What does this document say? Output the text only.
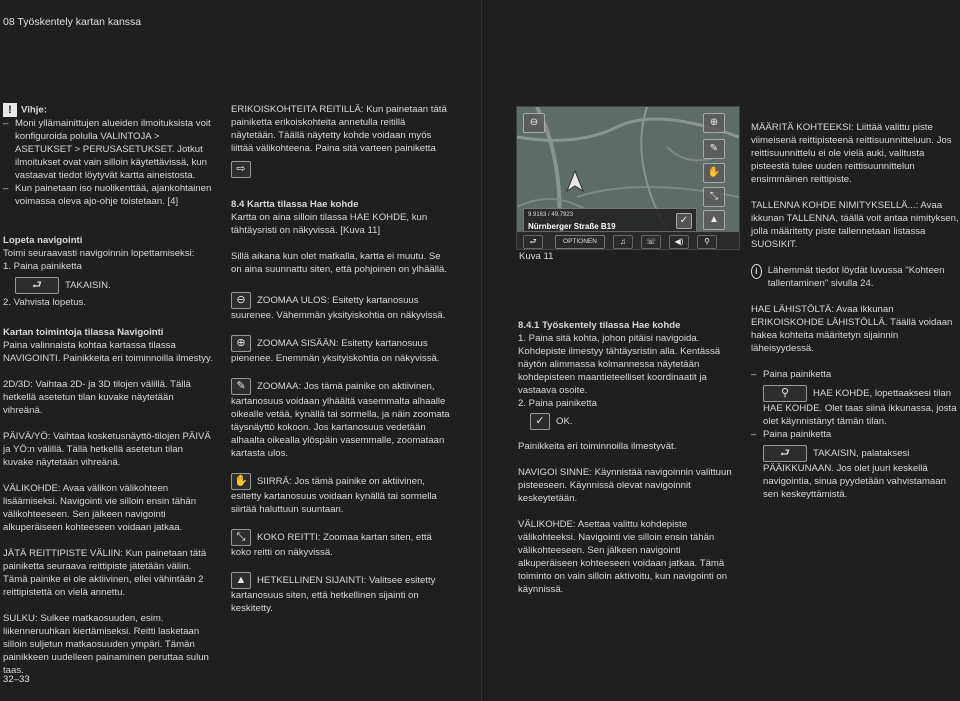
08 Työskentely kartan kanssa
32–33

! Vihje:

– Moni yllämainittujen alueiden ilmoituksista voit konfiguroida polulla VALINTOJA > ASETUKSET > PERUSASETUKSET. Jotkut ilmoitukset ovat vain silloin käytettävissä, kun vastaavat tiedot löytyvät kartta aineistosta.

– Kun painetaan iso nuolikenttää, ajankohtainen voimassa oleva ajo-ohje toistetaan. [4]

Lopeta navigointi
Toimi seuraavasti navigoinnin lopettamiseksi:
1. Paina painiketta
⮐ TAKAISIN.

2. Vahvista lopetus.

Kartan toimintoja tilassa Navigointi

Paina valinnaista kohtaa kartassa tilassa NAVIGOINTI. Painikkeita eri toiminnoilla ilmestyy.

2D/3D: Vaihtaa 2D- ja 3D tilojen välillä. Tällä hetkellä asetetun tilan kuvake näytetään vihreänä.

PÄIVÄ/YÖ: Vaihtaa kosketusnäyttö-tilojen PÄIVÄ ja YÖ:n välillä. Tällä hetkellä asetetun tilan kuvake näytetään vihreänä.

VÄLIKOHDE: Avaa välikon välikohteen lisäämiseksi. Navigointi vie silloin ensin tähän välikohteeseen. Sen jälkeen navigointi alkuperäiseen kohteeseen voidaan jatkaa.

JÄTÄ REITTIPISTE VÄLIIN: Kun painetaan tätä painiketta seuraava reittipiste jätetään väliin. Tämä painike ei ole aktiivinen, ellei vähintään 2 reittipistettä on vielä annettu.

SULKU: Sulkee matkaosuuden, esim. liikenneruuhkan kiertämiseksi. Reitti lasketaan silloin suljetun matkaosuuden ympäri. Tämän painikkeen uudelleen painaminen peruttaa sulun taas.

ERIKOISKOHTEITA REITILLÄ: Kun painetaan tätä painiketta erikoiskohteita annetulla reitillä näytetään. Täällä näytetty kohde voidaan myös liittää välikohteena. Paina sitä varteen painiketta

⇨
8.4 Kartta tilassa Hae kohde

Kartta on aina silloin tilassa HAE KOHDE, kun tähtäysristi on näkyvissä. [Kuva 11]

Sillä aikana kun olet matkalla, kartta ei muutu. Se on aina suunnattu siten, että pohjoinen on ylhäällä.

⊖ ZOOMAA ULOS: Esitetty kartanosuus suurenee. Vähemmän yksityiskohtia on näkyvissä.

⊕ ZOOMAA SISÄÄN: Esitetty kartanosuus pienenee. Enemmän yksityiskohtia on näkyvissä.

✎ ZOOMAA: Jos tämä painike on aktiivinen, kartanosuus voidaan ylhäältä vasemmalta alhaalle oikealle vetää, kynällä tai sormella, ja näin zoomata täysnäyttö kokoon. Jos kartanosuus vedetään alhaalta oikealla ylöspäin vasemmalle, zoomataan kartasta ulos.

✋ SIIRRÄ: Jos tämä painike on aktiivinen, esitetty kartanosuus voidaan kynällä tai sormella siirtää haluttuun suuntaan.

⤡ KOKO REITTI: Zoomaa kartan siten, että koko reitti on näkyvissä.

▲ HETKELLINEN SIJAINTI: Valitsee esitetty kartanosuus siten, että hetkellinen sijainti on keskitetty.

⊖	⊕
✎
✋
⤡
▲
9.9163 / 49.7923
Nürnberger Straße B19
✓
⮐	OPTIONEN	♫	☏	◀)	⚲
Kuva 11
8.4.1 Työskentely tilassa Hae kohde
1. Paina sitä kohta, johon pitäisi navigoida. Kohdepiste ilmestyy tähtäysristin alla. Kentässä näytön alimmassa kolmannessa näytetään kohdepisteen maantieteelliset koordinaatit ja vastaava osoite.
2. Paina painiketta

✓ OK.

Painikkeita eri toiminnoilla ilmestyvät.

NAVIGOI SINNE: Käynnistää navigoinnin valittuun pisteeseen. Käynnissä olevat navigoinnit keskeytetään.

VÄLIKOHDE: Asettaa valittu kohdepiste välikohteeksi. Navigointi vie silloin ensin tähän välikohteeseen. Sen jälkeen navigointi alkuperäiseen kohteeseen voidaan jatkaa. Tämä toiminto on vain silloin aktivoitu, kun navigointi on käynnissä.

MÄÄRITÄ KOHTEEKSI: Liittää valittu piste viimeisenä reittipisteenä reittisuunnitteluun. Jos reittisuunnittelu ei ole vielä auki, valitusta pisteestä tulee uuden reittisuunnittelun ensimmäinen reittipiste.

TALLENNA KOHDE NIMITYKSELLÄ...: Avaa ikkunan TALLENNA, täällä voit antaa nimityksen, jolla määritetty piste tallennetaan listassa SUOSIKIT.

i	Lähemmät tiedot löydät luvussa "Kohteen tallentaminen" sivulla 24.

HAE LÄHISTÖLTÄ: Avaa ikkunan ERIKOISKOHDE LÄHISTÖLLÄ. Täällä voidaan hakea kohteita määritetyn sijainnin läheisyydessä.

– Paina painiketta
⚲ HAE KOHDE, lopettaaksesi tilan HAE KOHDE. Olet taas siinä ikkunassa, josta olet käynnistänyt tämän tilan.
– Paina painiketta
⮐ TAKAISIN, palataksesi PÄÄIKKUNAAN. Jos olet juuri keskellä navigointia, sinua pyydetään vahvistamaan sen keskeyttämistä.
